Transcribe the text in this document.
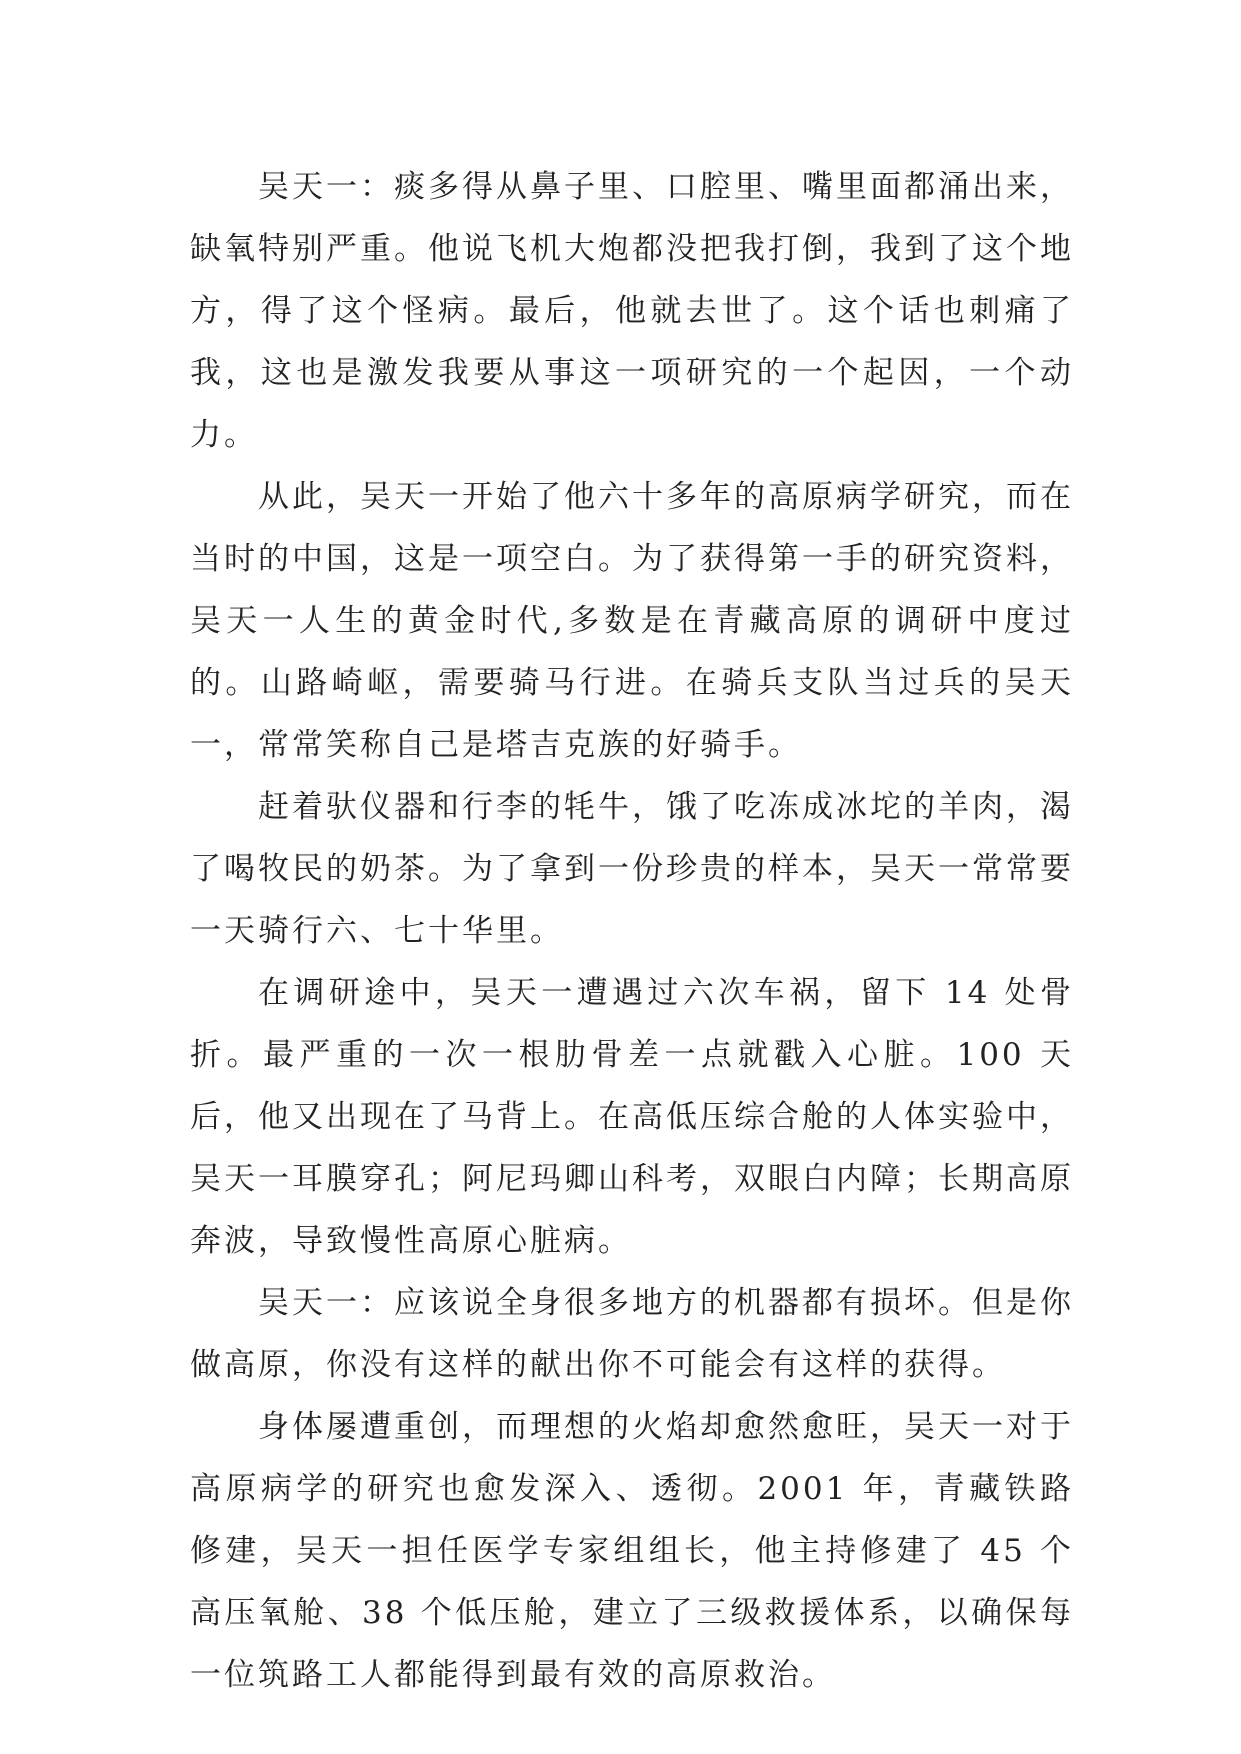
吴天一：痰多得从鼻子里、口腔里、嘴里面都涌出来，缺氧特别严重。他说飞机大炮都没把我打倒，我到了这个地方，得了这个怪病。最后，他就去世了。这个话也刺痛了我，这也是激发我要从事这一项研究的一个起因，一个动力。

从此，吴天一开始了他六十多年的高原病学研究，而在当时的中国，这是一项空白。为了获得第一手的研究资料，吴天一人生的黄金时代,多数是在青藏高原的调研中度过的。山路崎岖，需要骑马行进。在骑兵支队当过兵的吴天一，常常笑称自己是塔吉克族的好骑手。

赶着驮仪器和行李的牦牛，饿了吃冻成冰坨的羊肉，渴了喝牧民的奶茶。为了拿到一份珍贵的样本，吴天一常常要一天骑行六、七十华里。

在调研途中，吴天一遭遇过六次车祸，留下 14 处骨折。最严重的一次一根肋骨差一点就戳入心脏。100 天后，他又出现在了马背上。在高低压综合舱的人体实验中，吴天一耳膜穿孔；阿尼玛卿山科考，双眼白内障；长期高原奔波，导致慢性高原心脏病。

吴天一：应该说全身很多地方的机器都有损坏。但是你做高原，你没有这样的献出你不可能会有这样的获得。

身体屡遭重创，而理想的火焰却愈然愈旺，吴天一对于高原病学的研究也愈发深入、透彻。2001 年，青藏铁路修建，吴天一担任医学专家组组长，他主持修建了 45 个高压氧舱、38 个低压舱，建立了三级救援体系，以确保每一位筑路工人都能得到最有效的高原救治。
